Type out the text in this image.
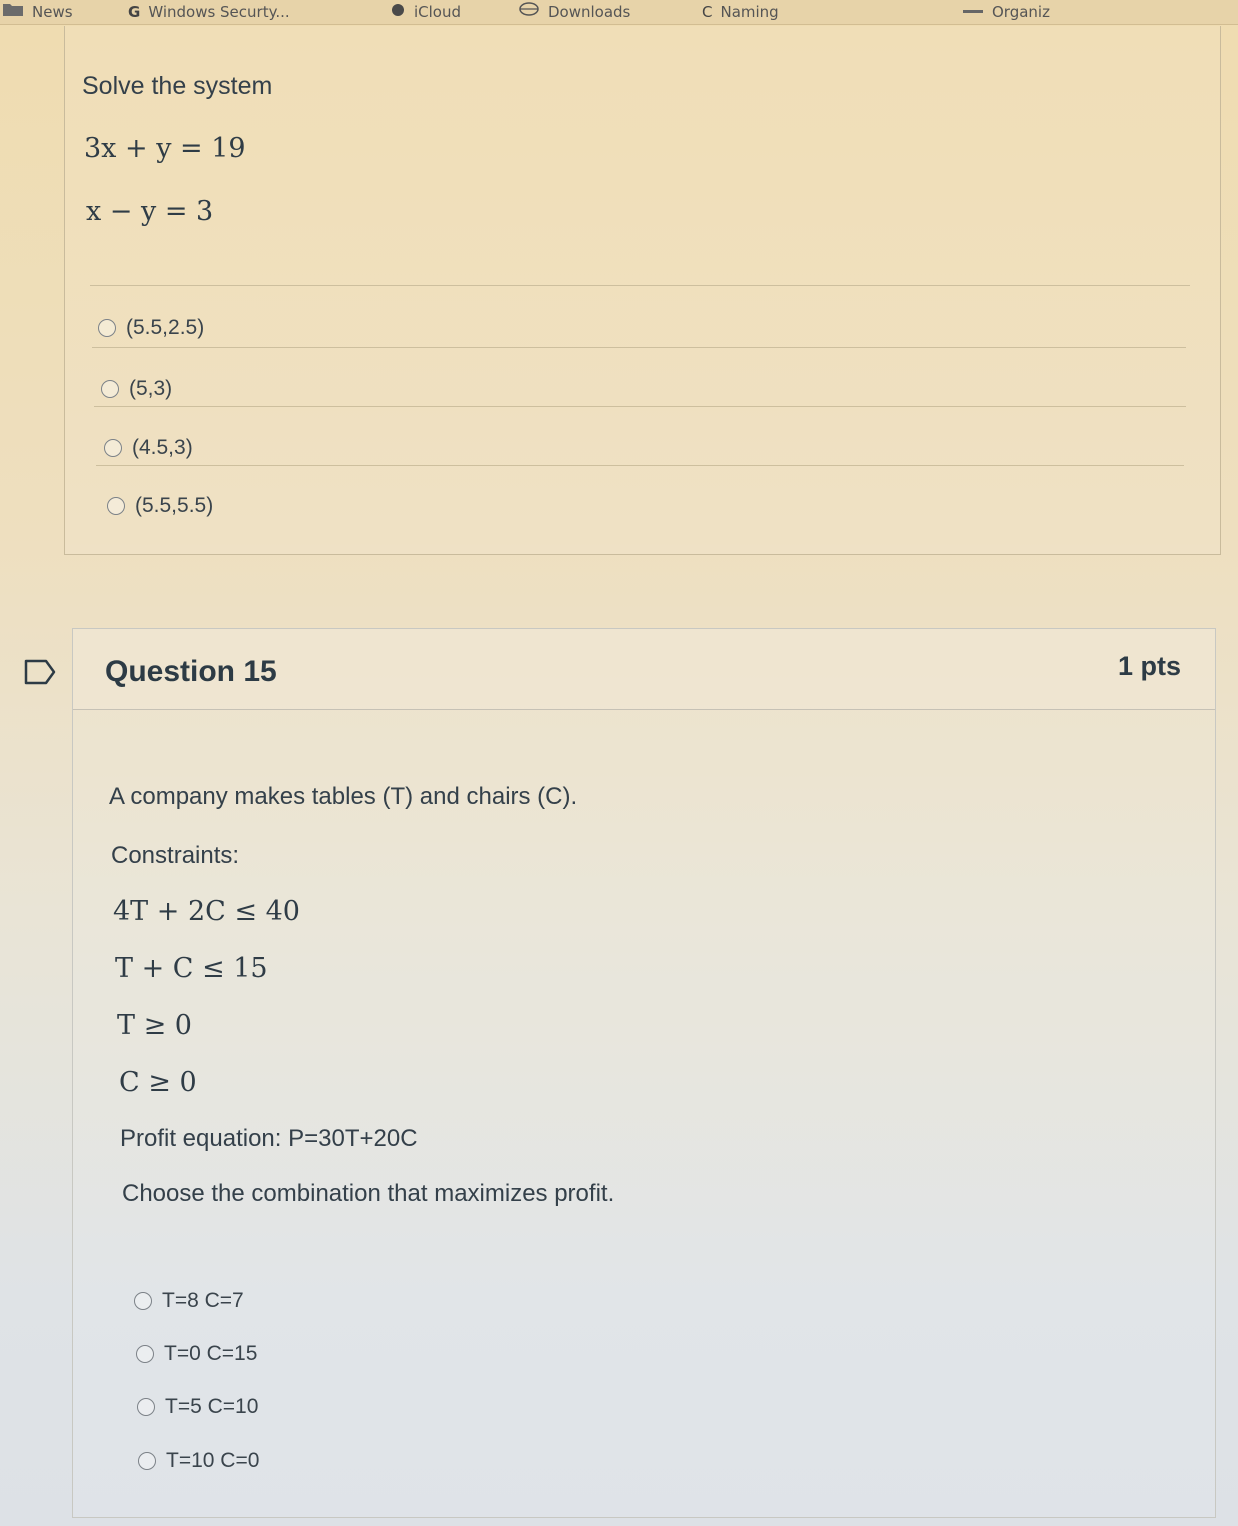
News	G Windows Securty...	iCloud	Downloads	C Naming	Organiz
Solve the system
3x + y = 19
x − y = 3
(5.5,2.5)
(5,3)
(4.5,3)
(5.5,5.5)
Question 15	1 pts
A company makes tables (T) and chairs (C).
Constraints:
4T + 2C ≤ 40
T + C ≤ 15
T ≥ 0
C ≥ 0
Profit equation: P=30T+20C
Choose the combination that maximizes profit.
T=8 C=7
T=0 C=15
T=5 C=10
T=10 C=0
